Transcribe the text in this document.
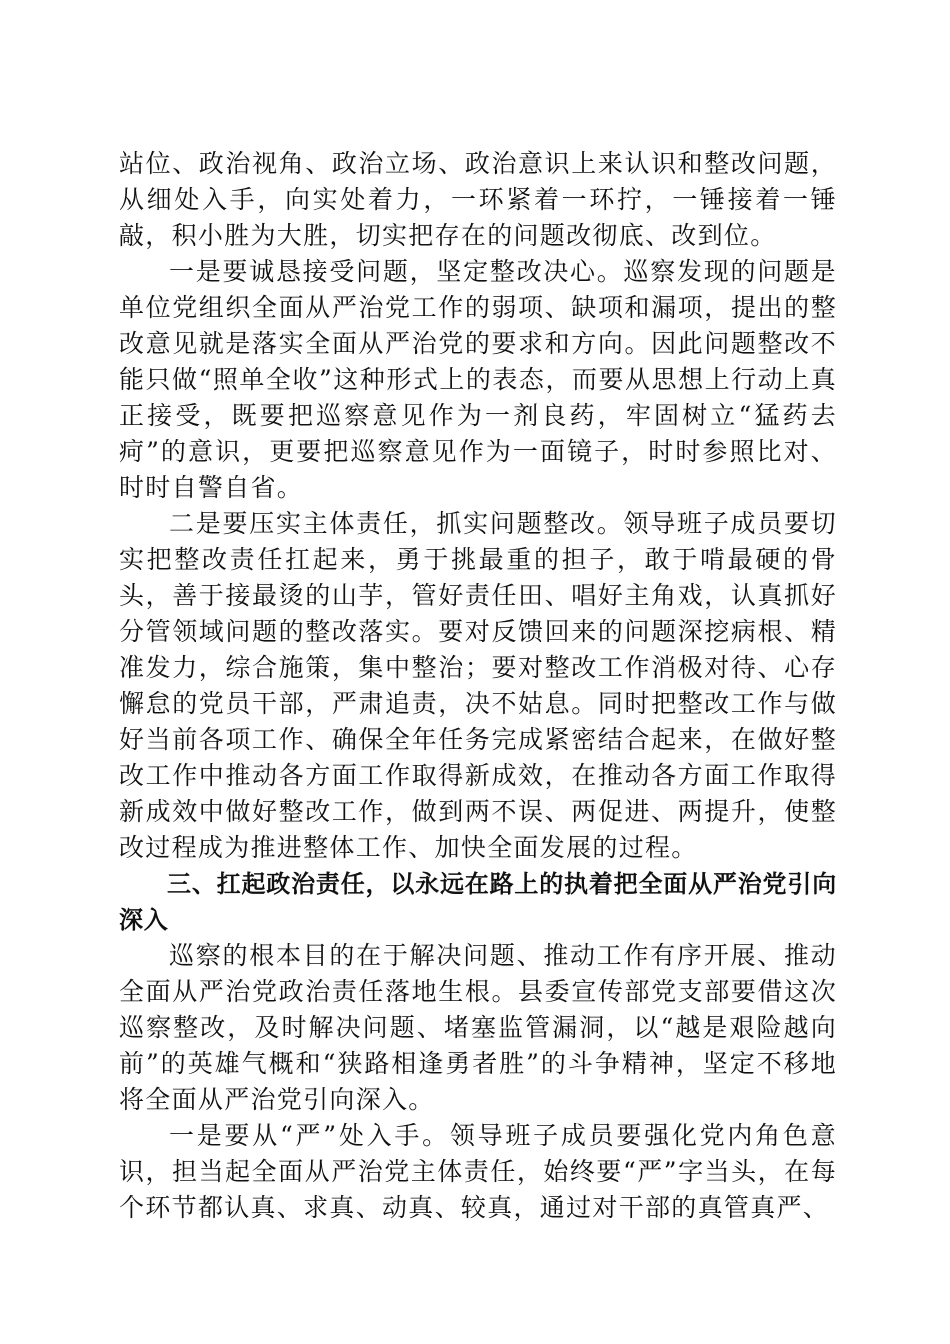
站位、政治视角、政治立场、政治意识上来认识和整改问题，从细处入手，向实处着力，一环紧着一环拧，一锤接着一锤敲，积小胜为大胜，切实把存在的问题改彻底、改到位。

一是要诚恳接受问题，坚定整改决心。巡察发现的问题是单位党组织全面从严治党工作的弱项、缺项和漏项，提出的整改意见就是落实全面从严治党的要求和方向。因此问题整改不能只做“照单全收”这种形式上的表态，而要从思想上行动上真正接受，既要把巡察意见作为一剂良药，牢固树立“猛药去疴”的意识，更要把巡察意见作为一面镜子，时时参照比对、时时自警自省。

二是要压实主体责任，抓实问题整改。领导班子成员要切实把整改责任扛起来，勇于挑最重的担子，敢于啃最硬的骨头，善于接最烫的山芋，管好责任田、唱好主角戏，认真抓好分管领域问题的整改落实。要对反馈回来的问题深挖病根、精准发力，综合施策，集中整治；要对整改工作消极对待、心存懈怠的党员干部，严肃追责，决不姑息。同时把整改工作与做好当前各项工作、确保全年任务完成紧密结合起来，在做好整改工作中推动各方面工作取得新成效，在推动各方面工作取得新成效中做好整改工作，做到两不误、两促进、两提升，使整改过程成为推进整体工作、加快全面发展的过程。

三、扛起政治责任，以永远在路上的执着把全面从严治党引向深入

巡察的根本目的在于解决问题、推动工作有序开展、推动全面从严治党政治责任落地生根。县委宣传部党支部要借这次巡察整改，及时解决问题、堵塞监管漏洞，以“越是艰险越向前”的英雄气概和“狭路相逢勇者胜”的斗争精神，坚定不移地将全面从严治党引向深入。

一是要从“严”处入手。领导班子成员要强化党内角色意识，担当起全面从严治党主体责任，始终要“严”字当头，在每个环节都认真、求真、动真、较真，通过对干部的真管真严、
